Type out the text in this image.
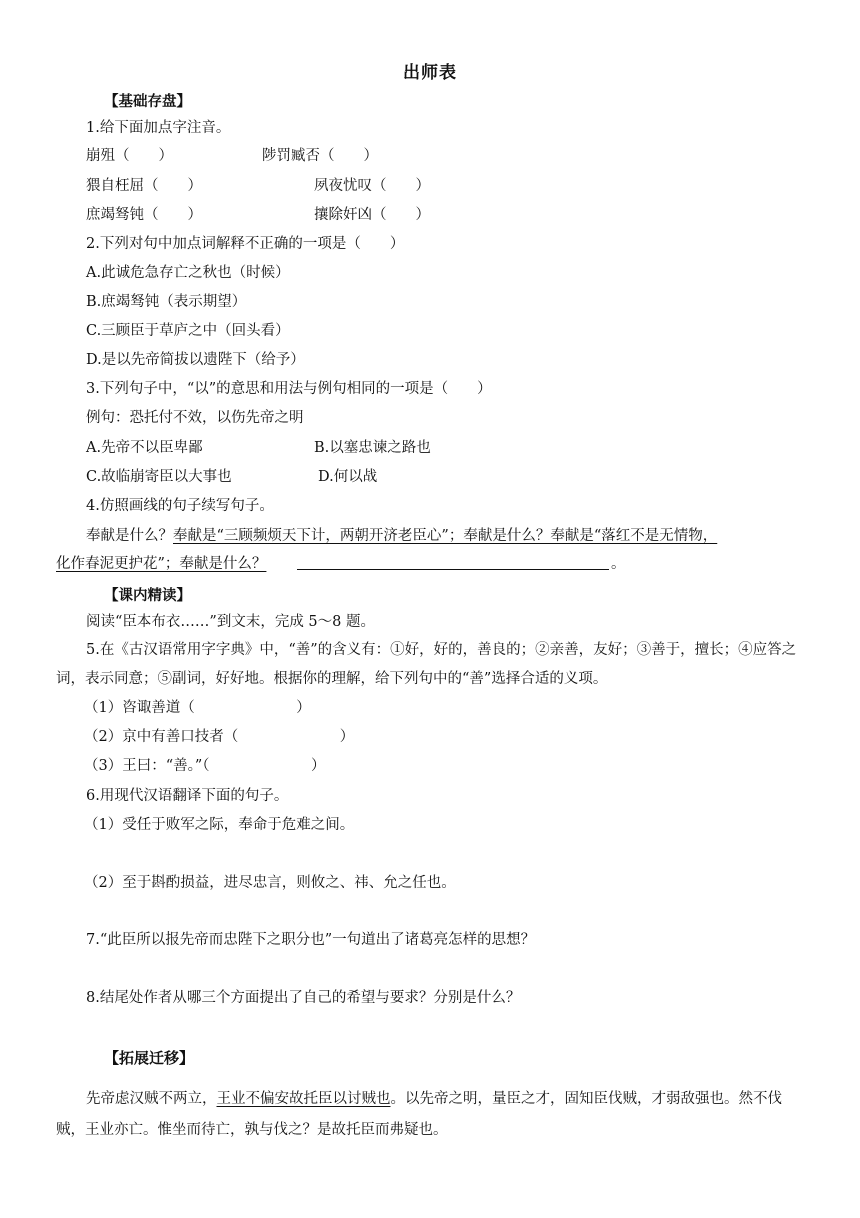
出师表
【基础存盘】
1.给下面加点字注音。
崩殂（　　）	陟罚臧否（　　）
猥自枉屈（　　）	夙夜忧叹（　　）
庶竭驽钝（　　）	攘除奸凶（　　）
2.下列对句中加点词解释不正确的一项是（　　）
A.此诚危急存亡之秋也（时候）
B.庶竭驽钝（表示期望）
C.三顾臣于草庐之中（回头看）
D.是以先帝简拔以遗陛下（给予）
3.下列句子中，“以”的意思和用法与例句相同的一项是（　　）
例句：恐托付不效，以伤先帝之明
A.先帝不以臣卑鄙	B.以塞忠谏之路也
C.故临崩寄臣以大事也	D.何以战
4.仿照画线的句子续写句子。
奉献是什么？奉献是“三顾频烦天下计，两朝开济老臣心”；奉献是什么？奉献是“落红不是无情物，
化作春泥更护花”；奉献是什么？	。
【课内精读】
阅读“臣本布衣……”到文末，完成 5～8 题。
5.在《古汉语常用字字典》中，“善”的含义有：①好，好的，善良的；②亲善，友好；③善于，擅长；④应答之词，表示同意；⑤副词，好好地。根据你的理解，给下列句中的“善”选择合适的义项。
（1）咨诹善道（　　　　　　　）
（2）京中有善口技者（　　　　　　　）
（3）王曰：“善。”（　　　　　　　）
6.用现代汉语翻译下面的句子。
（1）受任于败军之际，奉命于危难之间。
（2）至于斟酌损益，进尽忠言，则攸之、祎、允之任也。
7.“此臣所以报先帝而忠陛下之职分也”一句道出了诸葛亮怎样的思想？
8.结尾处作者从哪三个方面提出了自己的希望与要求？分别是什么？
【拓展迁移】
先帝虑汉贼不两立，王业不偏安故托臣以讨贼也。以先帝之明，量臣之才，固知臣伐贼，才弱敌强也。然不伐贼，王业亦亡。惟坐而待亡，孰与伐之？是故托臣而弗疑也。
